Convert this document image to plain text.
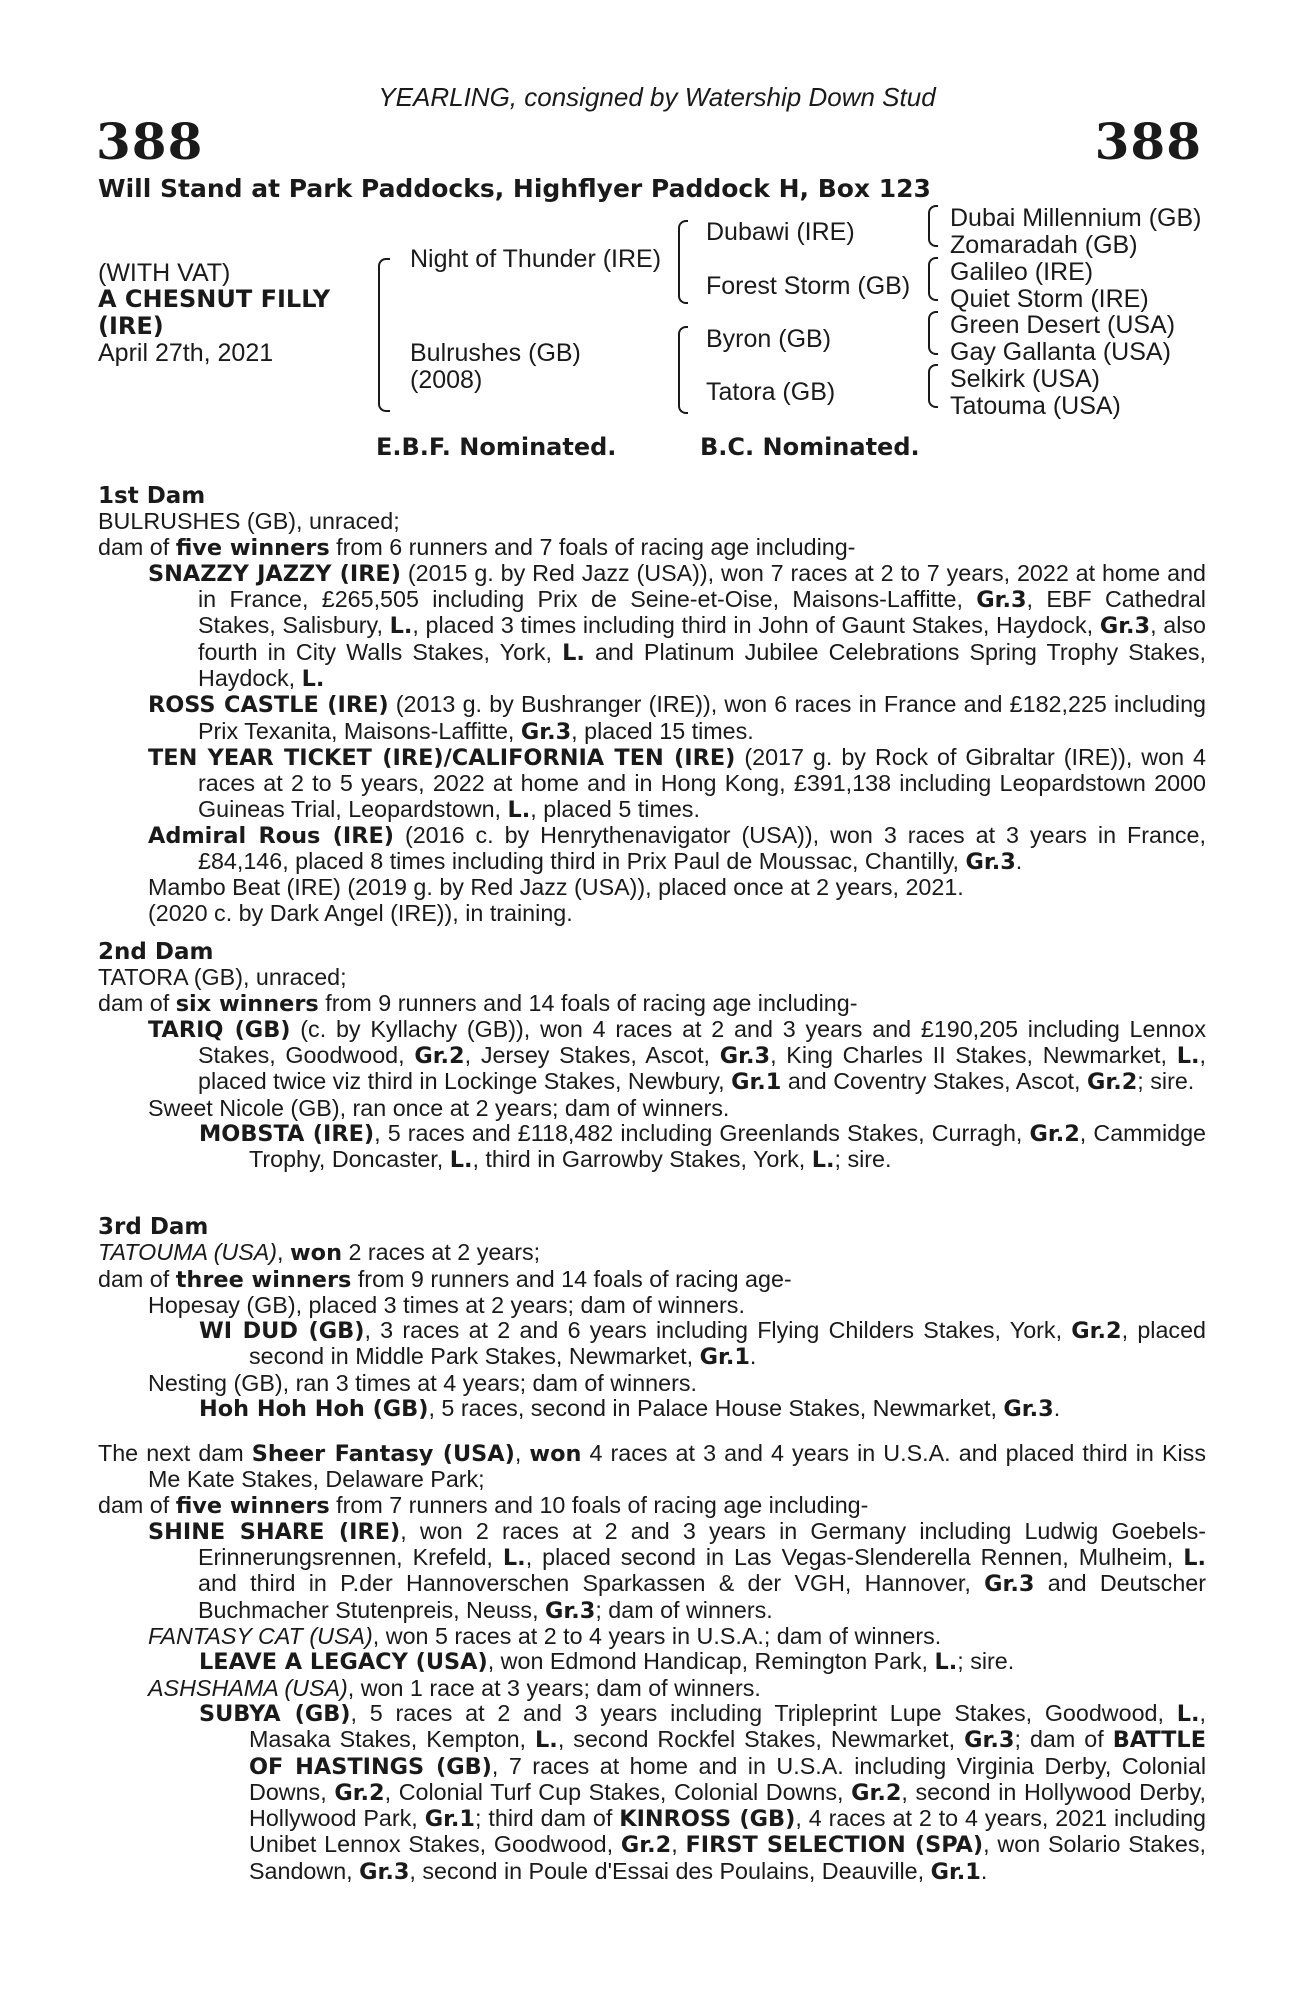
YEARLING, consigned by Watership Down Stud
388	388
Will Stand at Park Paddocks, Highflyer Paddock H, Box 123
(WITH VAT)
A CHESNUT FILLY
(IRE)
April 27th, 2021
Night of Thunder (IRE)
Bulrushes (GB)
(2008)
Dubawi (IRE)
Forest Storm (GB)
Byron (GB)
Tatora (GB)
Dubai Millennium (GB)
Zomaradah (GB)
Galileo (IRE)
Quiet Storm (IRE)
Green Desert (USA)
Gay Gallanta (USA)
Selkirk (USA)
Tatouma (USA)
E.B.F. Nominated.	B.C. Nominated.

1st Dam

BULRUSHES (GB), unraced;

dam of five winners from 6 runners and 7 foals of racing age including-

SNAZZY JAZZY (IRE) (2015 g. by Red Jazz (USA)), won 7 races at 2 to 7 years, 2022 at home and in France, £265,505 including Prix de Seine-et-Oise, Maisons-Laffitte, Gr.3, EBF Cathedral Stakes, Salisbury, L., placed 3 times including third in John of Gaunt Stakes, Haydock, Gr.3, also fourth in City Walls Stakes, York, L. and Platinum Jubilee Celebrations Spring Trophy Stakes, Haydock, L.

ROSS CASTLE (IRE) (2013 g. by Bushranger (IRE)), won 6 races in France and £182,225 including Prix Texanita, Maisons-Laffitte, Gr.3, placed 15 times.

TEN YEAR TICKET (IRE)/CALIFORNIA TEN (IRE) (2017 g. by Rock of Gibraltar (IRE)), won 4 races at 2 to 5 years, 2022 at home and in Hong Kong, £391,138 including Leopardstown 2000 Guineas Trial, Leopardstown, L., placed 5 times.

Admiral Rous (IRE) (2016 c. by Henrythenavigator (USA)), won 3 races at 3 years in France, £84,146, placed 8 times including third in Prix Paul de Moussac, Chantilly, Gr.3.

Mambo Beat (IRE) (2019 g. by Red Jazz (USA)), placed once at 2 years, 2021.

(2020 c. by Dark Angel (IRE)), in training.

2nd Dam

TATORA (GB), unraced;

dam of six winners from 9 runners and 14 foals of racing age including-

TARIQ (GB) (c. by Kyllachy (GB)), won 4 races at 2 and 3 years and £190,205 including Lennox Stakes, Goodwood, Gr.2, Jersey Stakes, Ascot, Gr.3, King Charles II Stakes, Newmarket, L., placed twice viz third in Lockinge Stakes, Newbury, Gr.1 and Coventry Stakes, Ascot, Gr.2; sire.

Sweet Nicole (GB), ran once at 2 years; dam of winners.

MOBSTA (IRE), 5 races and £118,482 including Greenlands Stakes, Curragh, Gr.2, Cammidge Trophy, Doncaster, L., third in Garrowby Stakes, York, L.; sire.

3rd Dam

TATOUMA (USA), won 2 races at 2 years;

dam of three winners from 9 runners and 14 foals of racing age-

Hopesay (GB), placed 3 times at 2 years; dam of winners.

WI DUD (GB), 3 races at 2 and 6 years including Flying Childers Stakes, York, Gr.2, placed second in Middle Park Stakes, Newmarket, Gr.1.

Nesting (GB), ran 3 times at 4 years; dam of winners.

Hoh Hoh Hoh (GB), 5 races, second in Palace House Stakes, Newmarket, Gr.3.

The next dam Sheer Fantasy (USA), won 4 races at 3 and 4 years in U.S.A. and placed third in Kiss Me Kate Stakes, Delaware Park;

dam of five winners from 7 runners and 10 foals of racing age including-

SHINE SHARE (IRE), won 2 races at 2 and 3 years in Germany including Ludwig Goebels-Erinnerungsrennen, Krefeld, L., placed second in Las Vegas-Slenderella Rennen, Mulheim, L. and third in P.der Hannoverschen Sparkassen & der VGH, Hannover, Gr.3 and Deutscher Buchmacher Stutenpreis, Neuss, Gr.3; dam of winners.

FANTASY CAT (USA), won 5 races at 2 to 4 years in U.S.A.; dam of winners.

LEAVE A LEGACY (USA), won Edmond Handicap, Remington Park, L.; sire.

ASHSHAMA (USA), won 1 race at 3 years; dam of winners.

SUBYA (GB), 5 races at 2 and 3 years including Tripleprint Lupe Stakes, Goodwood, L., Masaka Stakes, Kempton, L., second Rockfel Stakes, Newmarket, Gr.3; dam of BATTLE OF HASTINGS (GB), 7 races at home and in U.S.A. including Virginia Derby, Colonial Downs, Gr.2, Colonial Turf Cup Stakes, Colonial Downs, Gr.2, second in Hollywood Derby, Hollywood Park, Gr.1; third dam of KINROSS (GB), 4 races at 2 to 4 years, 2021 including Unibet Lennox Stakes, Goodwood, Gr.2, FIRST SELECTION (SPA), won Solario Stakes, Sandown, Gr.3, second in Poule d'Essai des Poulains, Deauville, Gr.1.
